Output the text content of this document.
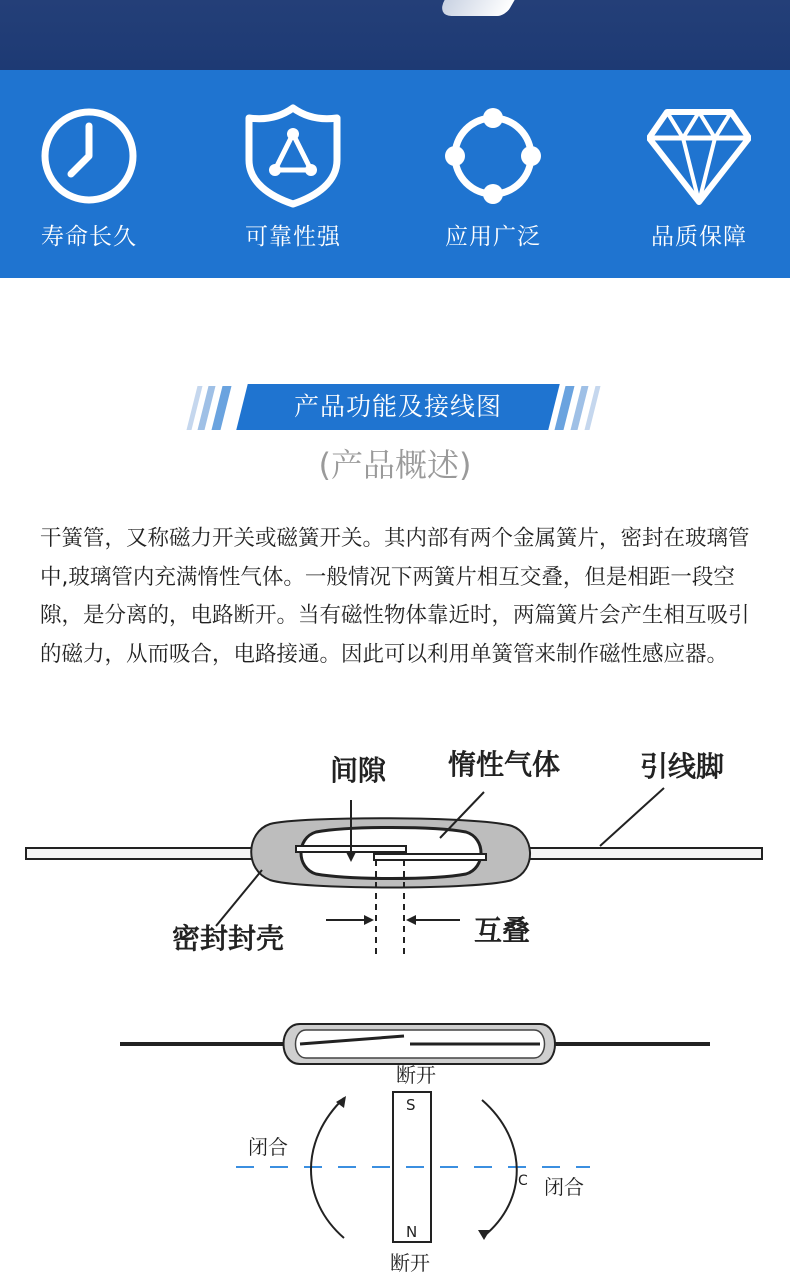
寿命长久	可靠性强	应用广泛	品质保障
产品功能及接线图
(产品概述)
干簧管，又称磁力开关或磁簧开关。其内部有两个金属簧片，密封在玻璃管中,玻璃管内充满惰性气体。一般情况下两簧片相互交叠，但是相距一段空隙，是分离的，电路断开。当有磁性物体靠近时，两篇簧片会产生相互吸引的磁力，从而吸合，电路接通。因此可以利用单簧管来制作磁性感应器。
间隙 惰性气体	引线脚
密封封壳	互叠
断开
S
N
闭合
C 闭合
断开
